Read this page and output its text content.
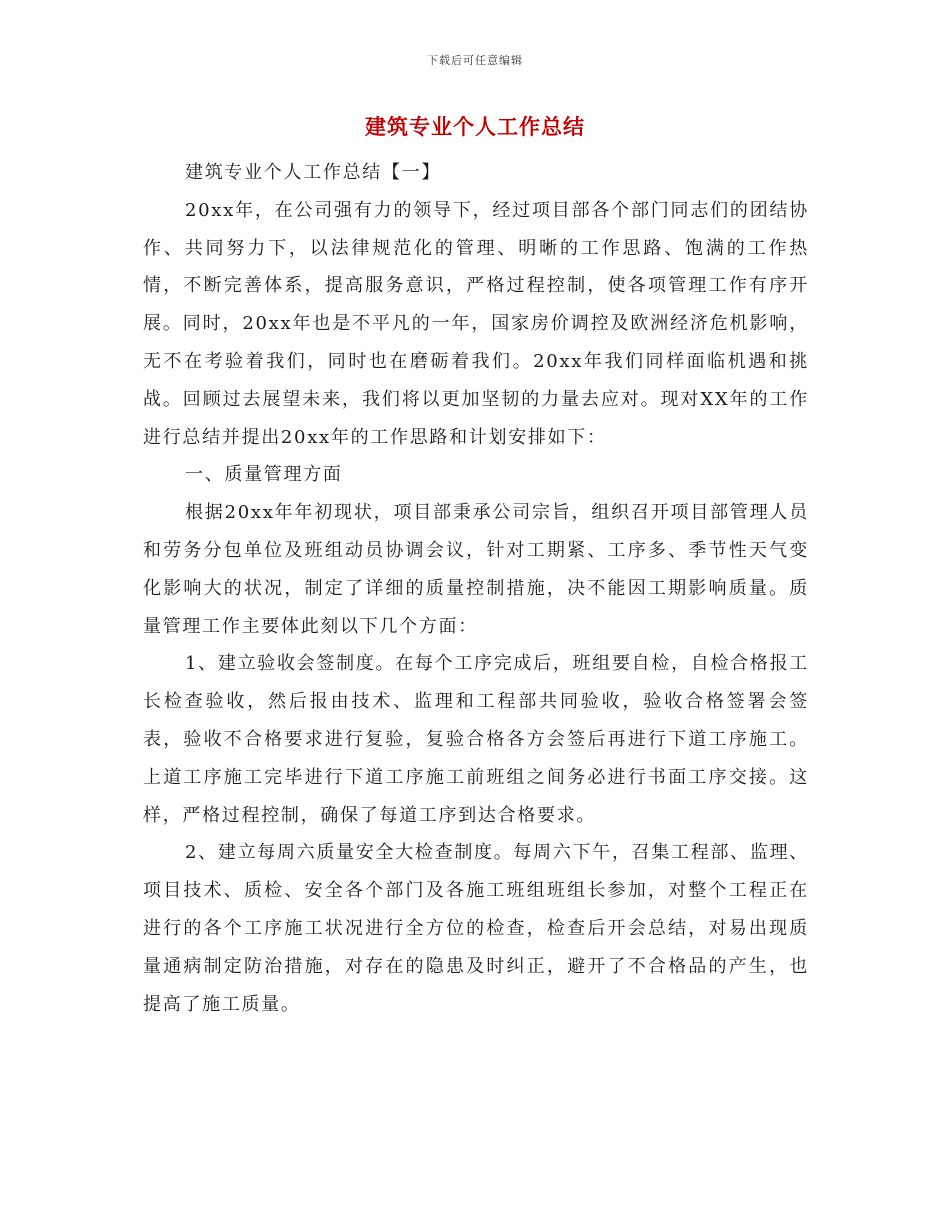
下载后可任意编辑
建筑专业个人工作总结

建筑专业个人工作总结【一】

20xx年，在公司强有力的领导下，经过项目部各个部门同志们的团结协作、共同努力下，以法律规范化的管理、明晰的工作思路、饱满的工作热情，不断完善体系，提高服务意识，严格过程控制，使各项管理工作有序开展。同时，20xx年也是不平凡的一年，国家房价调控及欧洲经济危机影响，无不在考验着我们，同时也在磨砺着我们。20xx年我们同样面临机遇和挑战。回顾过去展望未来，我们将以更加坚韧的力量去应对。现对XX年的工作进行总结并提出20xx年的工作思路和计划安排如下：

一、质量管理方面

根据20xx年年初现状，项目部秉承公司宗旨，组织召开项目部管理人员和劳务分包单位及班组动员协调会议，针对工期紧、工序多、季节性天气变化影响大的状况，制定了详细的质量控制措施，决不能因工期影响质量。质量管理工作主要体此刻以下几个方面：

1、建立验收会签制度。在每个工序完成后，班组要自检，自检合格报工长检查验收，然后报由技术、监理和工程部共同验收，验收合格签署会签表，验收不合格要求进行复验，复验合格各方会签后再进行下道工序施工。上道工序施工完毕进行下道工序施工前班组之间务必进行书面工序交接。这样，严格过程控制，确保了每道工序到达合格要求。

2、建立每周六质量安全大检查制度。每周六下午，召集工程部、监理、项目技术、质检、安全各个部门及各施工班组班组长参加，对整个工程正在进行的各个工序施工状况进行全方位的检查，检查后开会总结，对易出现质量通病制定防治措施，对存在的隐患及时纠正，避开了不合格品的产生，也提高了施工质量。
